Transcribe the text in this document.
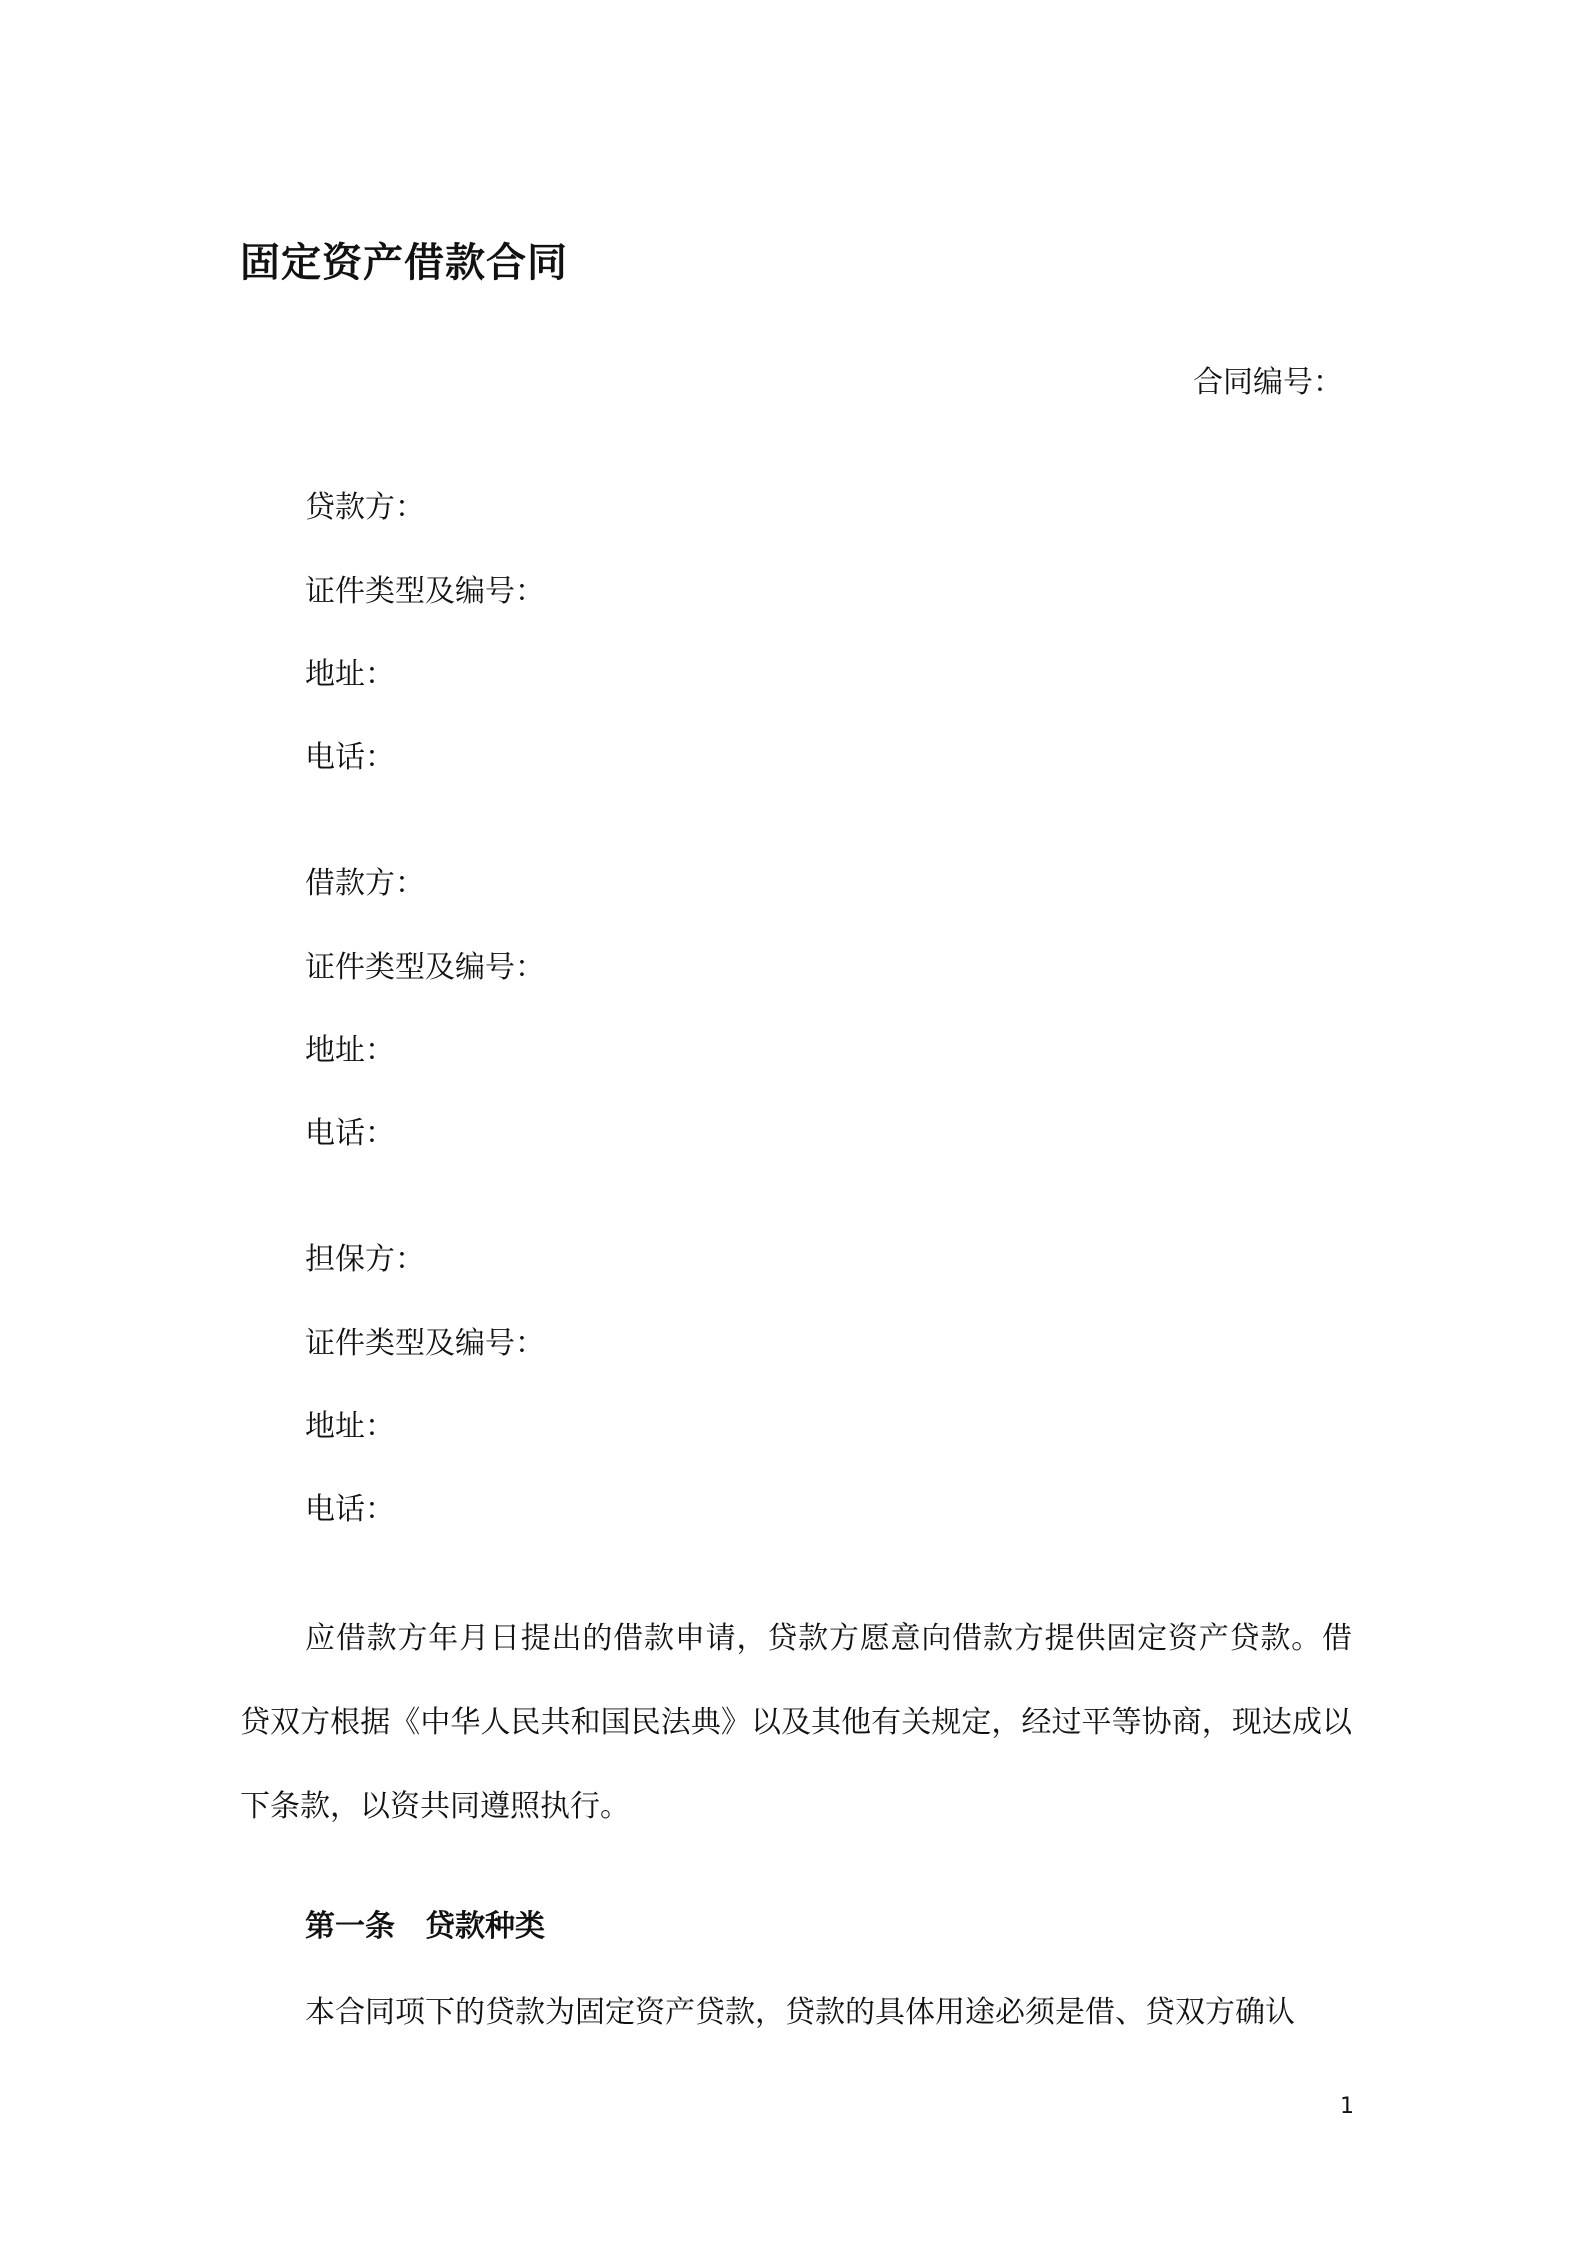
固定资产借款合同
合同编号：
贷款方：
证件类型及编号：
地址：
电话：
借款方：
证件类型及编号：
地址：
电话：
担保方：
证件类型及编号：
地址：
电话：

应借款方年月日提出的借款申请，贷款方愿意向借款方提供固定资产贷款。借贷双方根据《中华人民共和国民法典》以及其他有关规定，经过平等协商，现达成以下条款，以资共同遵照执行。

第一条 贷款种类
本合同项下的贷款为固定资产贷款，贷款的具体用途必须是借、贷双方确认
1
